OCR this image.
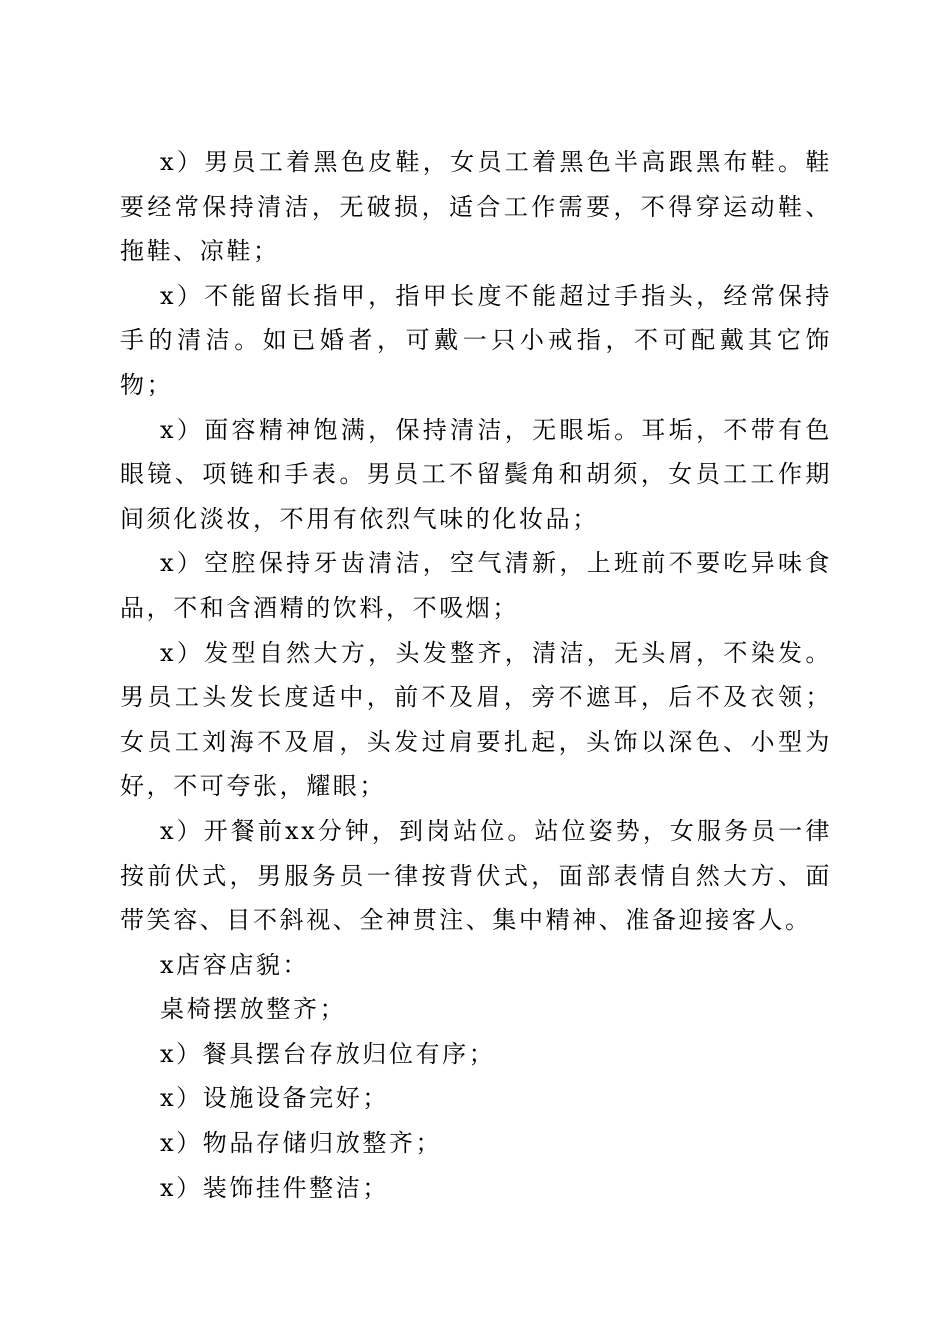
x）男员工着黑色皮鞋，女员工着黑色半高跟黑布鞋。鞋要经常保持清洁，无破损，适合工作需要，不得穿运动鞋、拖鞋、凉鞋；

x）不能留长指甲，指甲长度不能超过手指头，经常保持手的清洁。如已婚者，可戴一只小戒指，不可配戴其它饰物；

x）面容精神饱满，保持清洁，无眼垢。耳垢，不带有色眼镜、项链和手表。男员工不留鬓角和胡须，女员工工作期间须化淡妆，不用有依烈气味的化妆品；

x）空腔保持牙齿清洁，空气清新，上班前不要吃异味食品，不和含酒精的饮料，不吸烟；

x）发型自然大方，头发整齐，清洁，无头屑，不染发。男员工头发长度适中，前不及眉，旁不遮耳，后不及衣领；女员工刘海不及眉，头发过肩要扎起，头饰以深色、小型为好，不可夸张，耀眼；

x）开餐前xx分钟，到岗站位。站位姿势，女服务员一律按前伏式，男服务员一律按背伏式，面部表情自然大方、面带笑容、目不斜视、全神贯注、集中精神、准备迎接客人。

x店容店貌：

桌椅摆放整齐；

x）餐具摆台存放归位有序；

x）设施设备完好；

x）物品存储归放整齐；

x）装饰挂件整洁；
